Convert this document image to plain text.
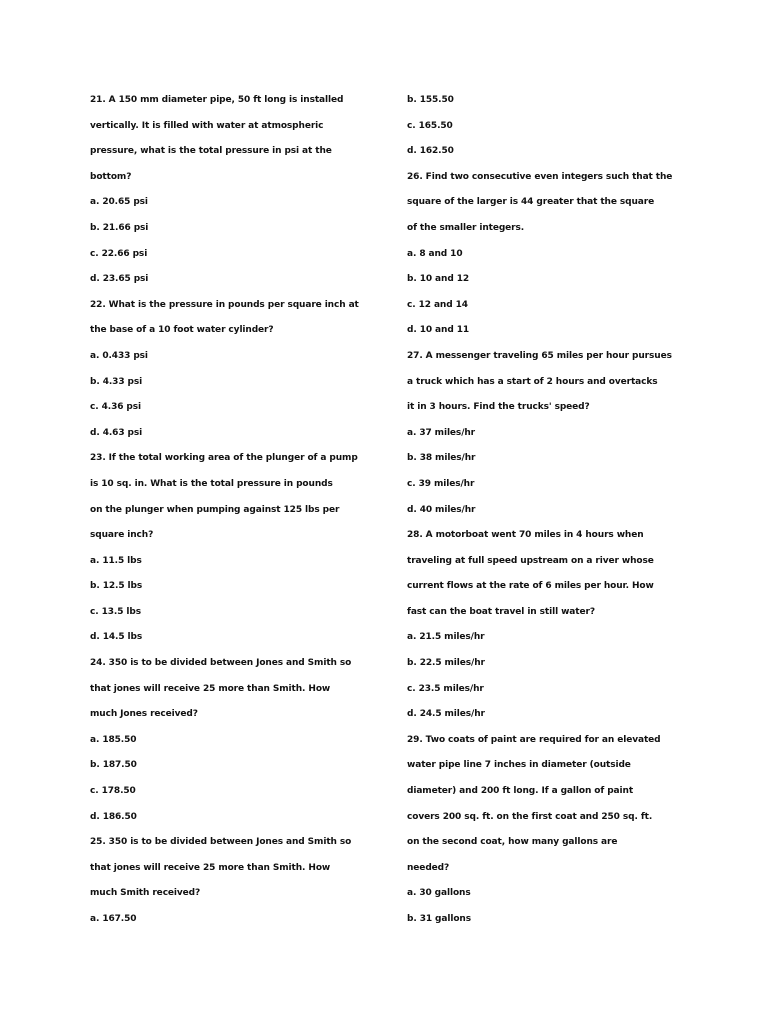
21. A 150 mm diameter pipe, 50 ft long is installed
vertically. It is filled with water at atmospheric
pressure, what is the total pressure in psi at the
bottom?
a. 20.65 psi
b. 21.66 psi
c. 22.66 psi
d. 23.65 psi
22. What is the pressure in pounds per square inch at
the base of a 10 foot water cylinder?
a. 0.433 psi
b. 4.33 psi
c. 4.36 psi
d. 4.63 psi
23. If the total working area of the plunger of a pump
is 10 sq. in. What is the total pressure in pounds
on the plunger when pumping against 125 lbs per
square inch?
a. 11.5 lbs
b. 12.5 lbs
c. 13.5 lbs
d. 14.5 lbs
24. 350 is to be divided between Jones and Smith so
that jones will receive 25 more than Smith. How
much Jones received?
a. 185.50
b. 187.50
c. 178.50
d. 186.50
25. 350 is to be divided between Jones and Smith so
that jones will receive 25 more than Smith. How
much Smith received?
a. 167.50
b. 155.50
c. 165.50
d. 162.50
26. Find two consecutive even integers such that the
square of the larger is 44 greater that the square
of the smaller integers.
a. 8 and 10
b. 10 and 12
c. 12 and 14
d. 10 and 11
27. A messenger traveling 65 miles per hour pursues
a truck which has a start of 2 hours and overtacks
it in 3 hours. Find the trucks' speed?
a. 37 miles/hr
b. 38 miles/hr
c. 39 miles/hr
d. 40 miles/hr
28. A motorboat went 70 miles in 4 hours when
traveling at full speed upstream on a river whose
current flows at the rate of 6 miles per hour. How
fast can the boat travel in still water?
a. 21.5 miles/hr
b. 22.5 miles/hr
c. 23.5 miles/hr
d. 24.5 miles/hr
29. Two coats of paint are required for an elevated
water pipe line 7 inches in diameter (outside
diameter) and 200 ft long. If a gallon of paint
covers 200 sq. ft. on the first coat and 250 sq. ft.
on the second coat, how many gallons are
needed?
a. 30 gallons
b. 31 gallons
